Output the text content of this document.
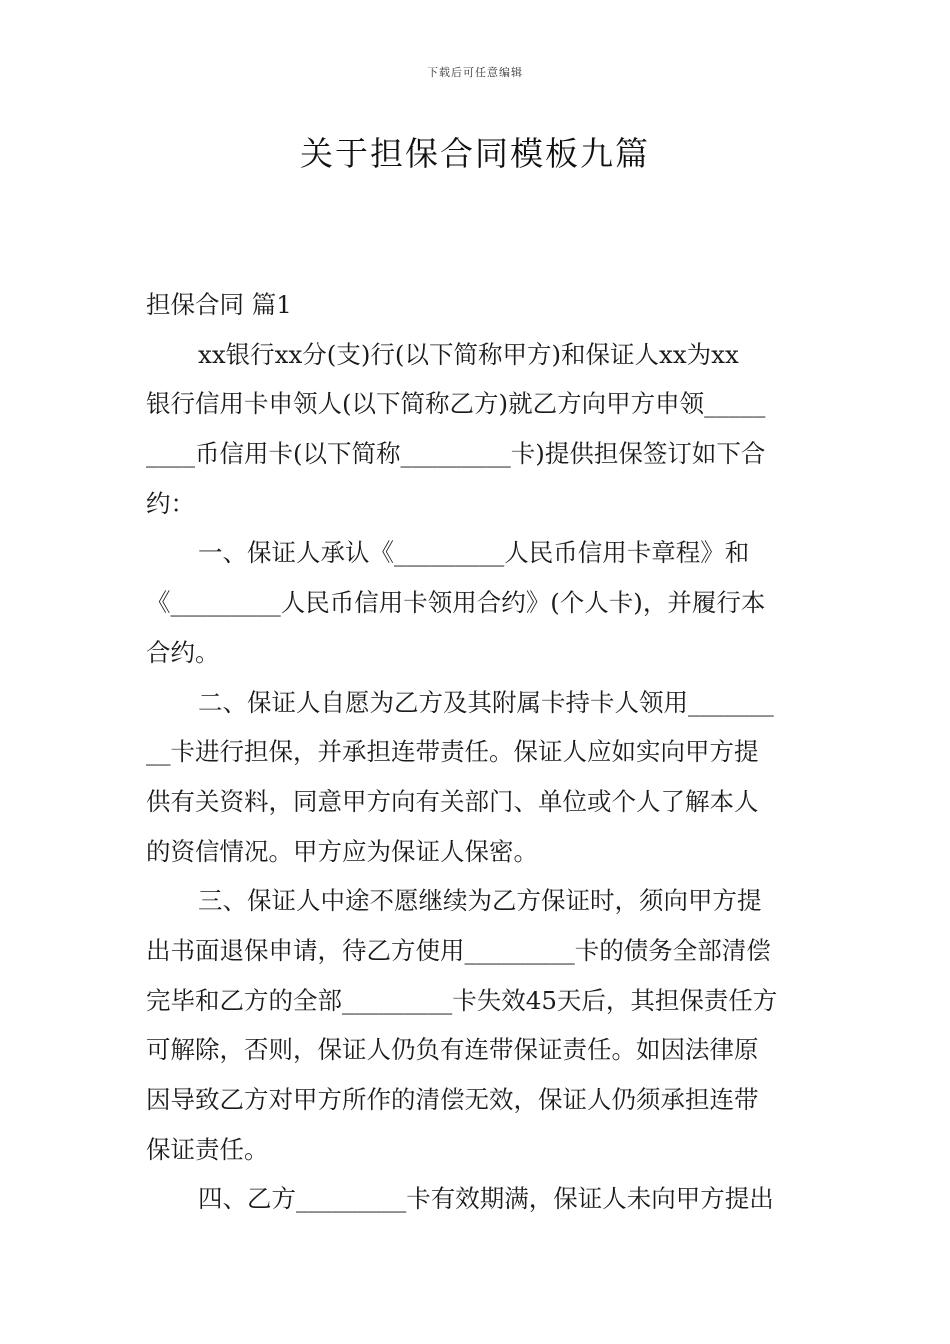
下载后可任意编辑
关于担保合同模板九篇
担保合同 篇1
xx银行xx分(支)行(以下简称甲方)和保证人xx为xx
银行信用卡申领人(以下简称乙方)就乙方向甲方申领_____
____币信用卡(以下简称_________卡)提供担保签订如下合
约：
一、保证人承认《_________人民币信用卡章程》和
《_________人民币信用卡领用合约》(个人卡)，并履行本
合约。
二、保证人自愿为乙方及其附属卡持卡人领用_______
__卡进行担保，并承担连带责任。保证人应如实向甲方提
供有关资料，同意甲方向有关部门、单位或个人了解本人
的资信情况。甲方应为保证人保密。
三、保证人中途不愿继续为乙方保证时，须向甲方提
出书面退保申请，待乙方使用_________卡的债务全部清偿
完毕和乙方的全部_________卡失效45天后，其担保责任方
可解除，否则，保证人仍负有连带保证责任。如因法律原
因导致乙方对甲方所作的清偿无效，保证人仍须承担连带
保证责任。
四、乙方_________卡有效期满，保证人未向甲方提出
